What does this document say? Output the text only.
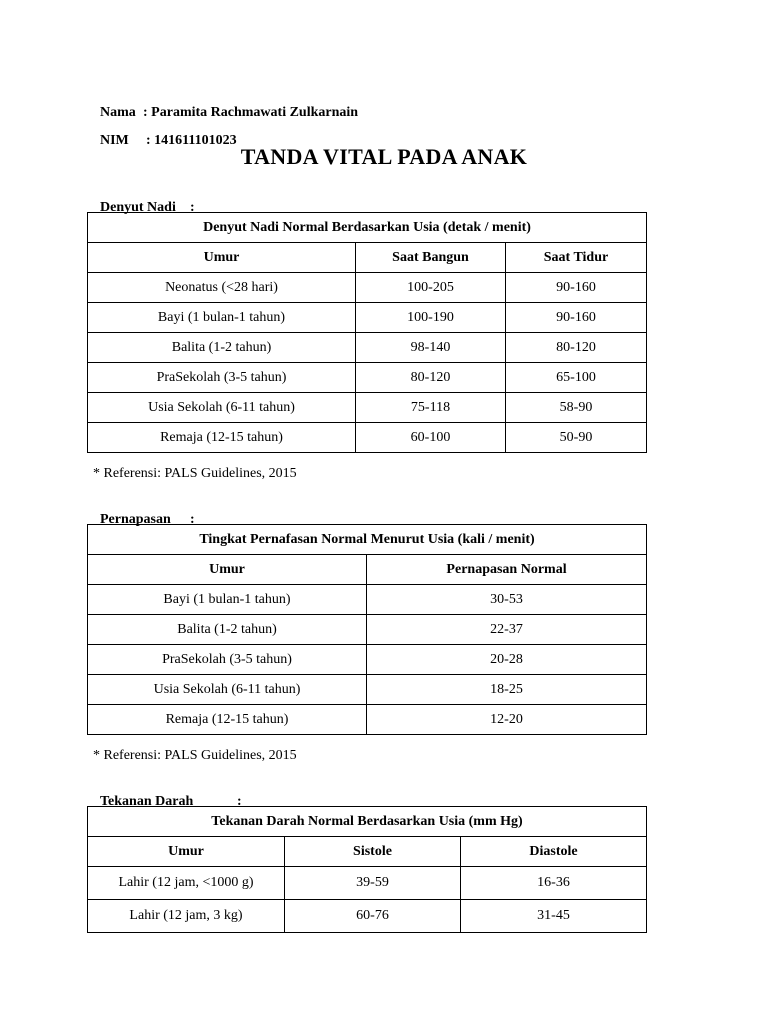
Nama : Paramita Rachmawati Zulkarnain

NIM : 141611101023

TANDA VITAL PADA ANAK

Denyut Nadi :

Denyut Nadi Normal Berdasarkan Usia (detak / menit)		
Umur	Saat Bangun	Saat Tidur
Neonatus (<28 hari)	100-205	90-160
Bayi (1 bulan-1 tahun)	100-190	90-160
Balita (1-2 tahun)	98-140	80-120
PraSekolah (3-5 tahun)	80-120	65-100
Usia Sekolah (6-11 tahun)	75-118	58-90
Remaja (12-15 tahun)	60-100	50-90
* Referensi: PALS Guidelines, 2015

Pernapasan :

Tingkat Pernafasan Normal Menurut Usia (kali / menit)	
Umur	Pernapasan Normal
Bayi (1 bulan-1 tahun)	30-53
Balita (1-2 tahun)	22-37
PraSekolah (3-5 tahun)	20-28
Usia Sekolah (6-11 tahun)	18-25
Remaja (12-15 tahun)	12-20
* Referensi: PALS Guidelines, 2015

Tekanan Darah	:

Tekanan Darah Normal Berdasarkan Usia (mm Hg)		
Umur	Sistole	Diastole
Lahir (12 jam, <1000 g)	39-59	16-36
Lahir (12 jam, 3 kg)	60-76	31-45
